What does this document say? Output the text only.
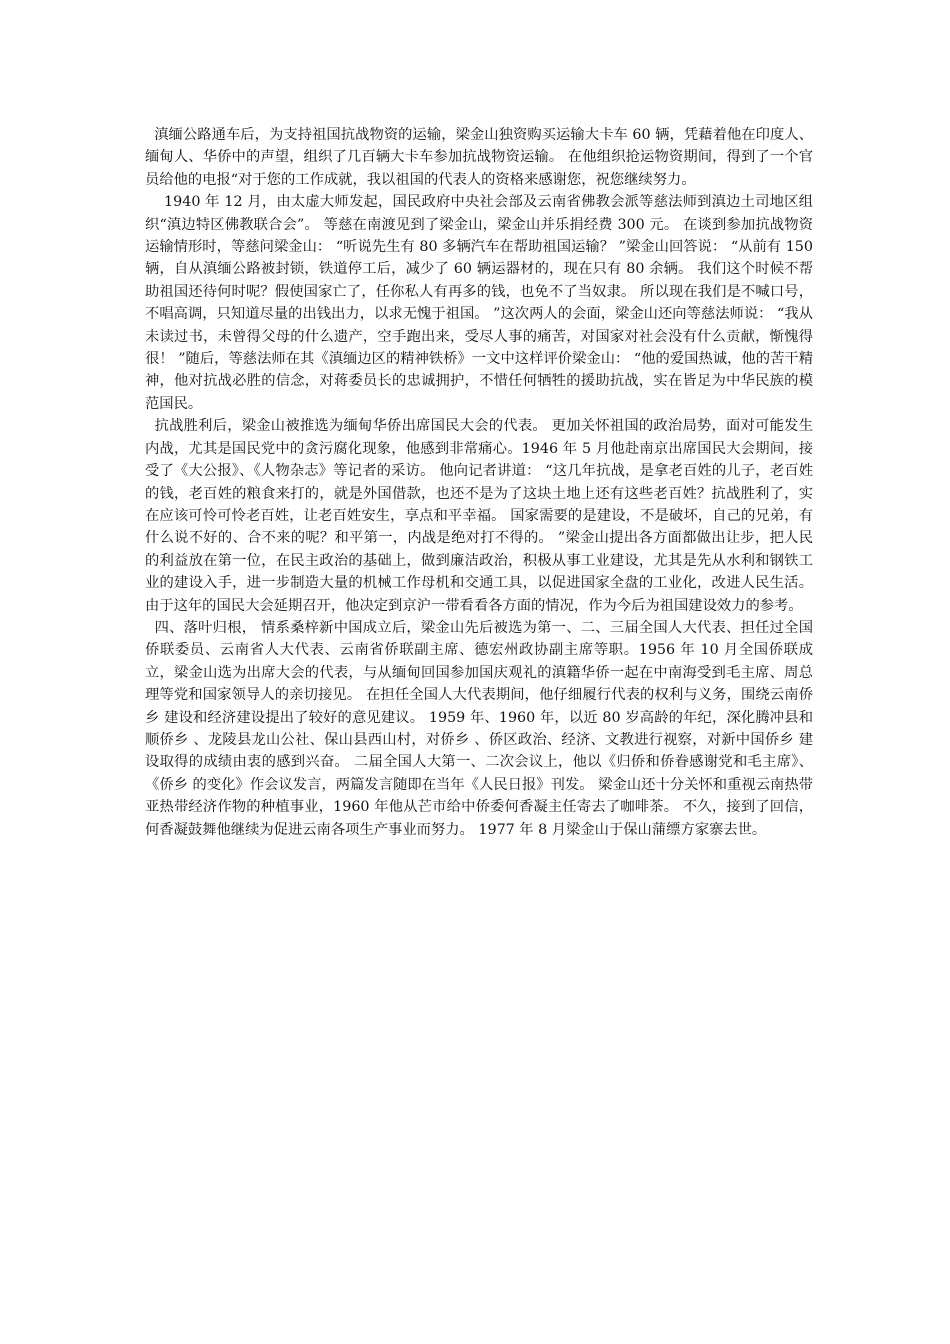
滇缅公路通车后，为支持祖国抗战物资的运输，梁金山独资购买运输大卡车 60 辆，凭藉着他在印度人、缅甸人、华侨中的声望，组织了几百辆大卡车参加抗战物资运输。 在他组织抢运物资期间，得到了一个官员给他的电报“对于您的工作成就，我以祖国的代表人的资格来感谢您，祝您继续努力。

1940 年 12 月，由太虚大师发起，国民政府中央社会部及云南省佛教会派等慈法师到滇边土司地区组织“滇边特区佛教联合会”。 等慈在南渡见到了梁金山，梁金山并乐捐经费 300 元。 在谈到参加抗战物资运输情形时，等慈问梁金山： “听说先生有 80 多辆汽车在帮助祖国运输？ ”梁金山回答说： “从前有 150 辆，自从滇缅公路被封锁，铁道停工后，减少了 60 辆运器材的，现在只有 80 余辆。 我们这个时候不帮助祖国还待何时呢？假使国家亡了，任你私人有再多的钱，也免不了当奴隶。 所以现在我们是不喊口号，不唱高调，只知道尽量的出钱出力，以求无愧于祖国。 ”这次两人的会面，梁金山还向等慈法师说： “我从未读过书，未曾得父母的什么遗产，空手跑出来，受尽人事的痛苦，对国家对社会没有什么贡献，惭愧得很！ ”随后，等慈法师在其《滇缅边区的精神铁桥》一文中这样评价梁金山： “他的爱国热诚，他的苦干精神，他对抗战必胜的信念，对蒋委员长的忠诚拥护，不惜任何牺牲的援助抗战，实在皆足为中华民族的模范国民。

抗战胜利后，梁金山被推选为缅甸华侨出席国民大会的代表。 更加关怀祖国的政治局势，面对可能发生内战，尤其是国民党中的贪污腐化现象，他感到非常痛心。1946 年 5 月他赴南京出席国民大会期间，接受了《大公报》、《人物杂志》等记者的采访。 他向记者讲道： “这几年抗战，是拿老百姓的儿子，老百姓的钱，老百姓的粮食来打的，就是外国借款，也还不是为了这块土地上还有这些老百姓？抗战胜利了，实在应该可怜可怜老百姓，让老百姓安生，享点和平幸福。 国家需要的是建设，不是破坏，自己的兄弟，有什么说不好的、合不来的呢？和平第一，内战是绝对打不得的。 ”梁金山提出各方面都做出让步，把人民的利益放在第一位，在民主政治的基础上，做到廉洁政治，积极从事工业建设，尤其是先从水利和钢铁工业的建设入手，进一步制造大量的机械工作母机和交通工具，以促进国家全盘的工业化，改进人民生活。 由于这年的国民大会延期召开，他决定到京沪一带看看各方面的情况，作为今后为祖国建设效力的参考。

四、落叶归根， 情系桑梓新中国成立后，梁金山先后被选为第一、二、三届全国人大代表、担任过全国侨联委员、云南省人大代表、云南省侨联副主席、德宏州政协副主席等职。1956 年 10 月全国侨联成立，梁金山选为出席大会的代表，与从缅甸回国参加国庆观礼的滇籍华侨一起在中南海受到毛主席、周总理等党和国家领导人的亲切接见。 在担任全国人大代表期间，他仔细履行代表的权利与义务，围绕云南侨乡 建设和经济建设提出了较好的意见建议。 1959 年、1960 年，以近 80 岁高龄的年纪，深化腾冲县和顺侨乡 、龙陵县龙山公社、保山县西山村，对侨乡 、侨区政治、经济、文教进行视察，对新中国侨乡 建设取得的成绩由衷的感到兴奋。 二届全国人大第一、二次会议上，他以《归侨和侨眷感谢党和毛主席》、《侨乡 的变化》作会议发言，两篇发言随即在当年《人民日报》刊发。 梁金山还十分关怀和重视云南热带亚热带经济作物的种植事业，1960 年他从芒市给中侨委何香凝主任寄去了咖啡茶。 不久，接到了回信，何香凝鼓舞他继续为促进云南各项生产事业而努力。 1977 年 8 月梁金山于保山蒲缥方家寨去世。
